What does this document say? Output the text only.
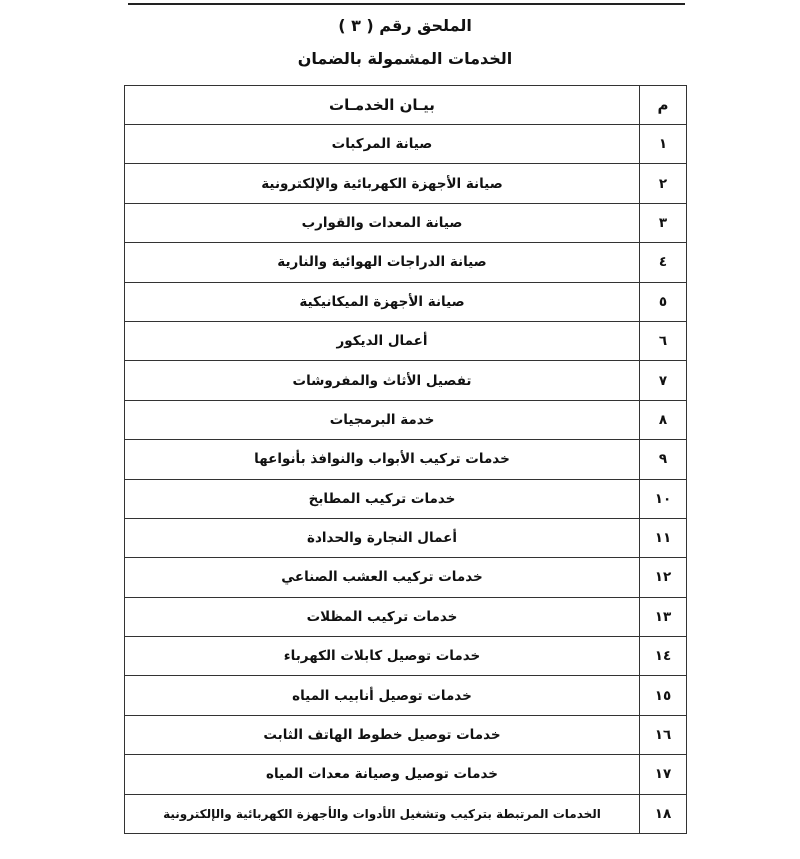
الملحق رقم ( ٣ )
الخدمات المشمولة بالضمان
م	بيـان الخدمـات
١	صيانة المركبات
٢	صيانة الأجهزة الكهربائية والإلكترونية
٣	صيانة المعدات والقوارب
٤	صيانة الدراجات الهوائية والنارية
٥	صيانة الأجهزة الميكانيكية
٦	أعمال الديكور
٧	تفصيل الأثاث والمفروشات
٨	خدمة البرمجيات
٩	خدمات تركيب الأبواب والنوافذ بأنواعها
١٠	خدمات تركيب المطابخ
١١	أعمال النجارة والحدادة
١٢	خدمات تركيب العشب الصناعي
١٣	خدمات تركيب المظلات
١٤	خدمات توصيل كابلات الكهرباء
١٥	خدمات توصيل أنابيب المياه
١٦	خدمات توصيل خطوط الهاتف الثابت
١٧	خدمات توصيل وصيانة معدات المياه
١٨	الخدمات المرتبطة بتركيب وتشغيل الأدوات والأجهزة الكهربائية والإلكترونية
